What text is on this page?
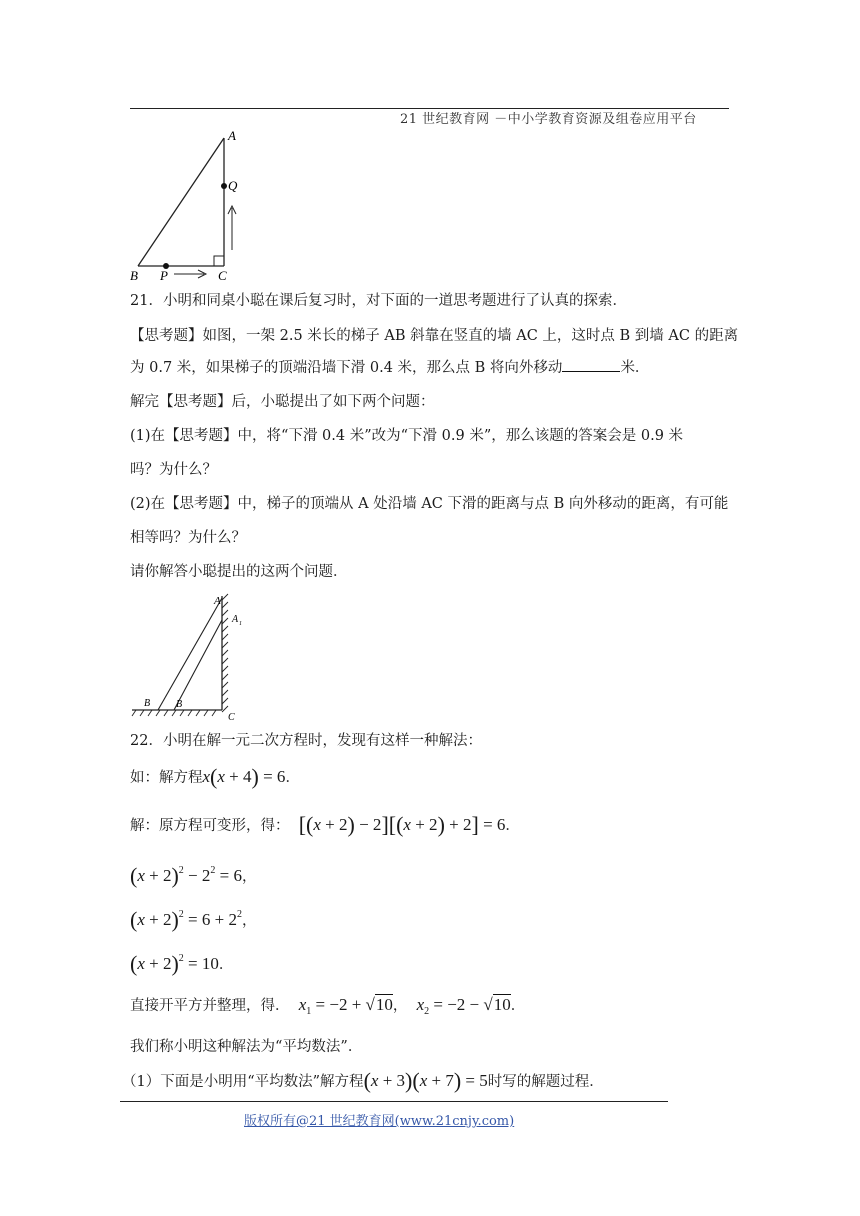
21 世纪教育网 －中小学教育资源及组卷应用平台
A
Q
B P	C
21．小明和同桌小聪在课后复习时，对下面的一道思考题进行了认真的探索．
【思考题】如图，一架 2.5 米长的梯子 AB 斜靠在竖直的墙 AC 上，这时点 B 到墙 AC 的距离
为 0.7 米，如果梯子的顶端沿墙下滑 0.4 米，那么点 B 将向外移动	米．
解完【思考题】后，小聪提出了如下两个问题：
(1)在【思考题】中，将“下滑 0.4 米”改为“下滑 0.9 米”，那么该题的答案会是 0.9 米
吗？为什么？
(2)在【思考题】中，梯子的顶端从 A 处沿墙 AC 下滑的距离与点 B 向外移动的距离，有可能
相等吗？为什么？
请你解答小聪提出的这两个问题．
A
A 1
B	B
C
22．小明在解一元二次方程时，发现有这样一种解法：
如：解方程x(x + 4) = 6．
解：原方程可变形，得： [(x + 2) − 2][(x + 2) + 2] = 6．
$(x + 2)^2 - 2^2 = 6$，
$(x + 2)^2 = 6 + 2^2$，
$(x + 2)^2 = 10$．
直接开平方并整理，得． $x_1 = -2 + √10$，  $x_2 = -2 - √10$．
我们称小明这种解法为“平均数法”．
（1）下面是小明用“平均数法”解方程(x + 3)(x + 7) = 5时写的解题过程．
版权所有@21 世纪教育网(www.21cnjy.com)
